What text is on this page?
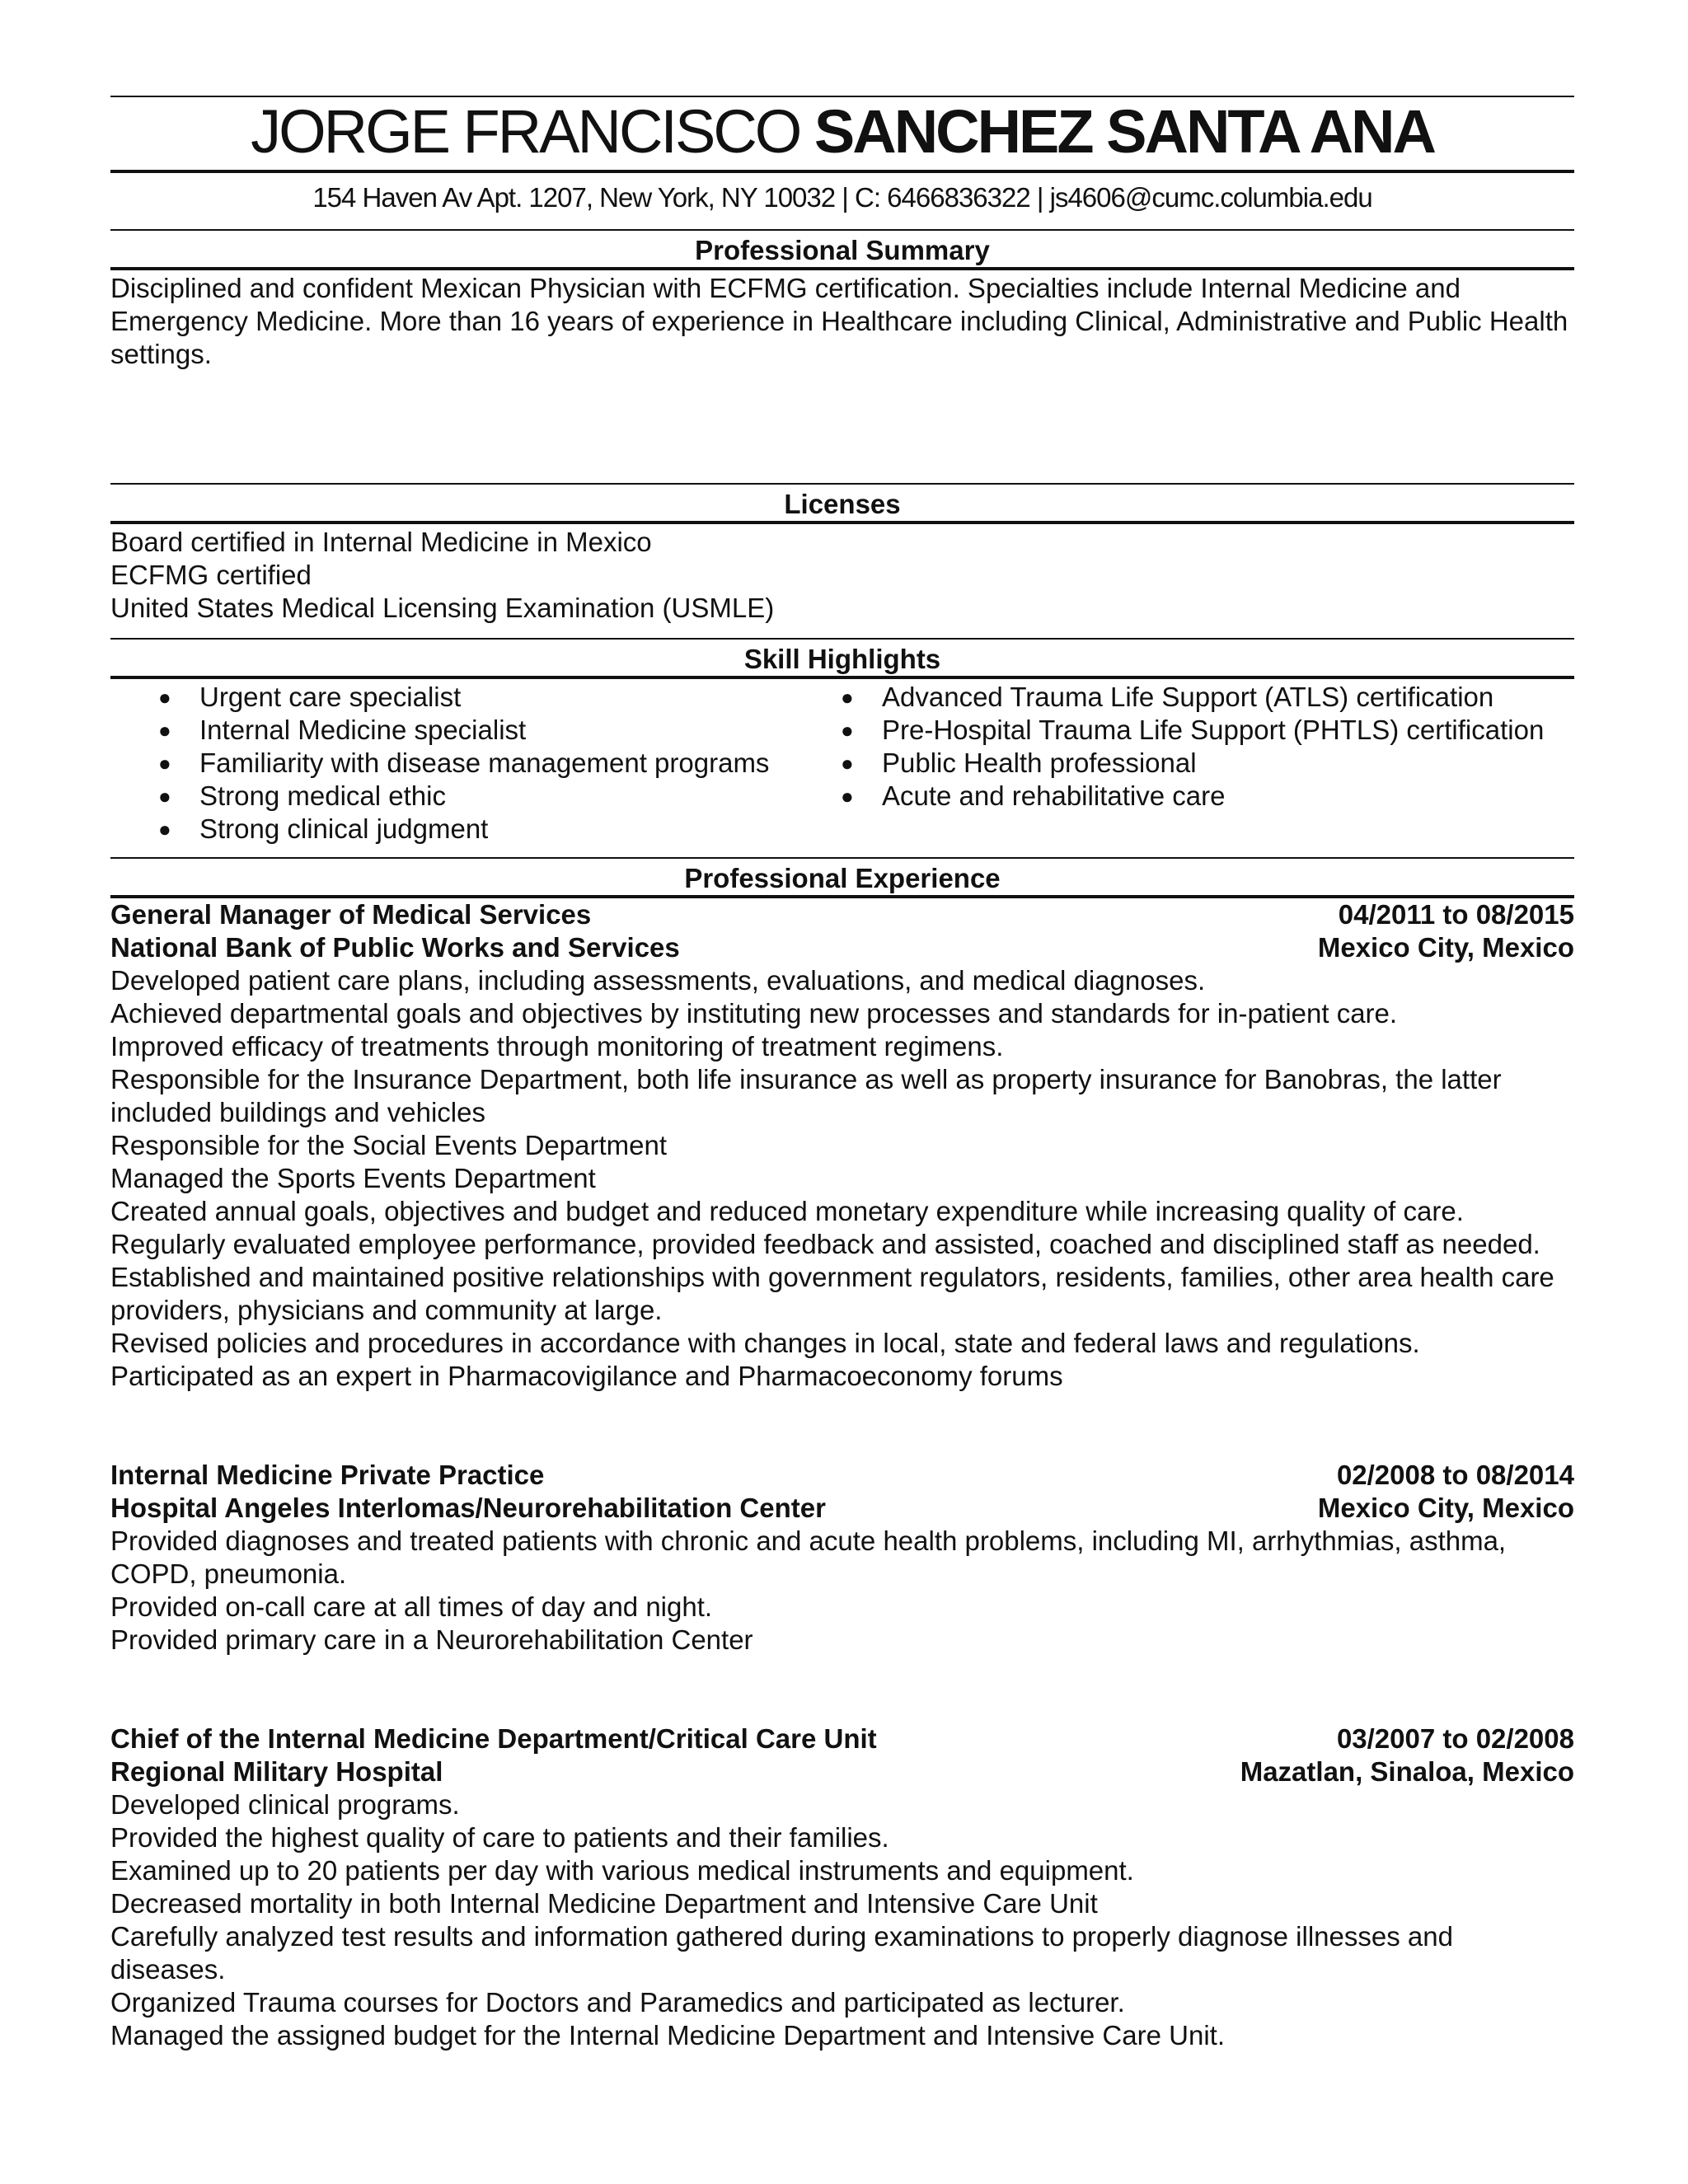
JORGE FRANCISCO SANCHEZ SANTA ANA
154 Haven Av Apt. 1207, New York, NY 10032 | C: 6466836322 | js4606@cumc.columbia.edu
Professional Summary
Disciplined and confident Mexican Physician with ECFMG certification. Specialties include Internal Medicine and Emergency Medicine. More than 16 years of experience in Healthcare including Clinical, Administrative and Public Health settings.
Licenses
Board certified in Internal Medicine in Mexico
ECFMG certified
United States Medical Licensing Examination (USMLE)
Skill Highlights
● Urgent care specialist
● Internal Medicine specialist
● Familiarity with disease management programs
● Strong medical ethic
● Strong clinical judgment
● Advanced Trauma Life Support (ATLS) certification
● Pre-Hospital Trauma Life Support (PHTLS) certification
● Public Health professional
● Acute and rehabilitative care
Professional Experience
General Manager of Medical Services	04/2011 to 08/2015
National Bank of Public Works and Services	Mexico City, Mexico
Developed patient care plans, including assessments, evaluations, and medical diagnoses.
Achieved departmental goals and objectives by instituting new processes and standards for in-patient care.
Improved efficacy of treatments through monitoring of treatment regimens.
Responsible for the Insurance Department, both life insurance as well as property insurance for Banobras, the latter included buildings and vehicles
Responsible for the Social Events Department
Managed the Sports Events Department
Created annual goals, objectives and budget and reduced monetary expenditure while increasing quality of care.
Regularly evaluated employee performance, provided feedback and assisted, coached and disciplined staff as needed.
Established and maintained positive relationships with government regulators, residents, families, other area health care providers, physicians and community at large.
Revised policies and procedures in accordance with changes in local, state and federal laws and regulations.
Participated as an expert in Pharmacovigilance and Pharmacoeconomy forums
Internal Medicine Private Practice	02/2008 to 08/2014
Hospital Angeles Interlomas/Neurorehabilitation Center	Mexico City, Mexico
Provided diagnoses and treated patients with chronic and acute health problems, including MI, arrhythmias, asthma, COPD, pneumonia.
Provided on-call care at all times of day and night.
Provided primary care in a Neurorehabilitation Center
Chief of the Internal Medicine Department/Critical Care Unit	03/2007 to 02/2008
Regional Military Hospital	Mazatlan, Sinaloa, Mexico
Developed clinical programs.
Provided the highest quality of care to patients and their families.
Examined up to 20 patients per day with various medical instruments and equipment.
Decreased mortality in both Internal Medicine Department and Intensive Care Unit
Carefully analyzed test results and information gathered during examinations to properly diagnose illnesses and diseases.
Organized Trauma courses for Doctors and Paramedics and participated as lecturer.
Managed the assigned budget for the Internal Medicine Department and Intensive Care Unit.
